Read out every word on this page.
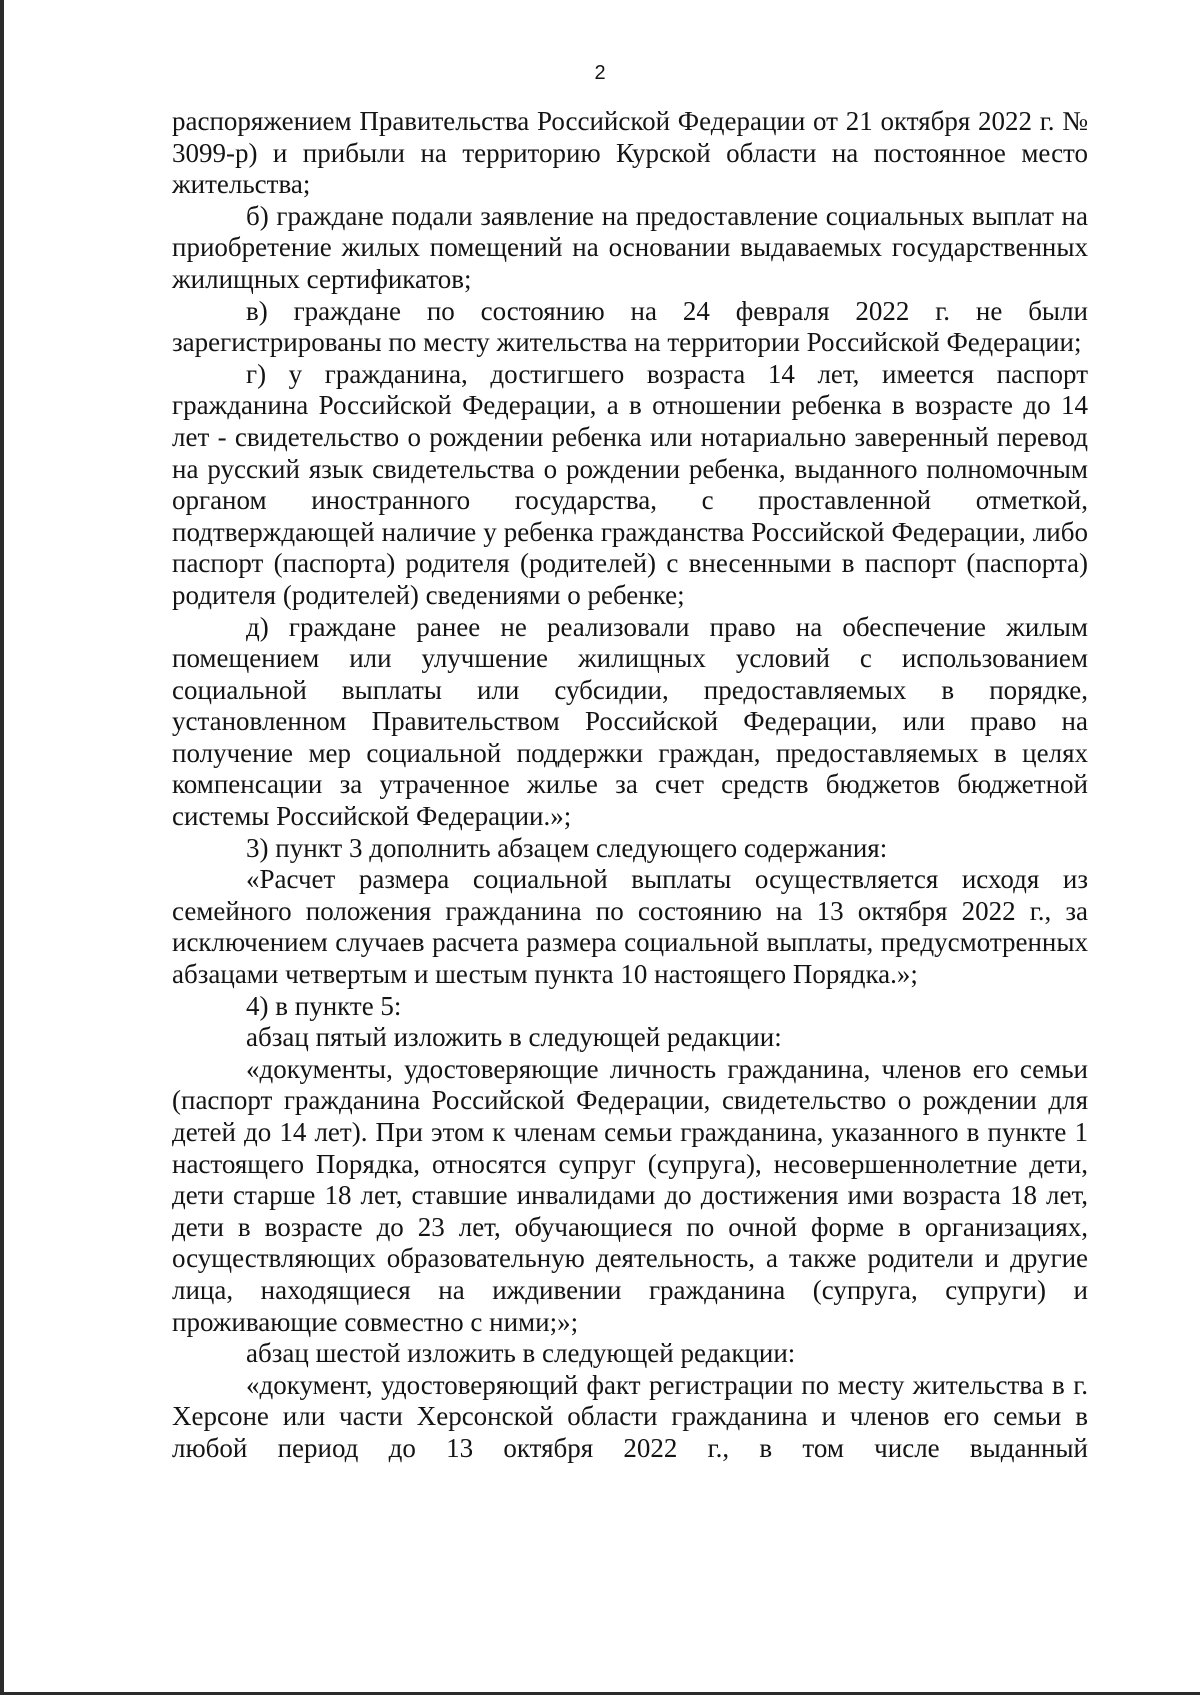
2

распоряжением Правительства Российской Федерации от 21 октября 2022 г. № 3099-р) и прибыли на территорию Курской области на постоянное место жительства;

б) граждане подали заявление на предоставление социальных выплат на приобретение жилых помещений на основании выдаваемых государственных жилищных сертификатов;

в) граждане по состоянию на 24 февраля 2022 г. не были зарегистрированы по месту жительства на территории Российской Федерации;

г) у гражданина, достигшего возраста 14 лет, имеется паспорт гражданина Российской Федерации, а в отношении ребенка в возрасте до 14 лет - свидетельство о рождении ребенка или нотариально заверенный перевод на русский язык свидетельства о рождении ребенка, выданного полномочным органом иностранного государства, с проставленной отметкой, подтверждающей наличие у ребенка гражданства Российской Федерации, либо паспорт (паспорта) родителя (родителей) с внесенными в паспорт (паспорта) родителя (родителей) сведениями о ребенке;

д) граждане ранее не реализовали право на обеспечение жилым помещением или улучшение жилищных условий с использованием социальной выплаты или субсидии, предоставляемых в порядке, установленном Правительством Российской Федерации, или право на получение мер социальной поддержки граждан, предоставляемых в целях компенсации за утраченное жилье за счет средств бюджетов бюджетной системы Российской Федерации.»;

3) пункт 3 дополнить абзацем следующего содержания:

«Расчет размера социальной выплаты осуществляется исходя из семейного положения гражданина по состоянию на 13 октября 2022 г., за исключением случаев расчета размера социальной выплаты, предусмотренных абзацами четвертым и шестым пункта 10 настоящего Порядка.»;

4) в пункте 5:

абзац пятый изложить в следующей редакции:

«документы, удостоверяющие личность гражданина, членов его семьи (паспорт гражданина Российской Федерации, свидетельство о рождении для детей до 14 лет). При этом к членам семьи гражданина, указанного в пункте 1 настоящего Порядка, относятся супруг (супруга), несовершеннолетние дети, дети старше 18 лет, ставшие инвалидами до достижения ими возраста 18 лет, дети в возрасте до 23 лет, обучающиеся по очной форме в организациях, осуществляющих образовательную деятельность, а также родители и другие лица, находящиеся на иждивении гражданина (супруга, супруги) и проживающие совместно с ними;»;

абзац шестой изложить в следующей редакции:

«документ, удостоверяющий факт регистрации по месту жительства в г. Херсоне или части Херсонской области гражданина и членов его семьи в любой период до 13 октября 2022 г., в том числе выданный
